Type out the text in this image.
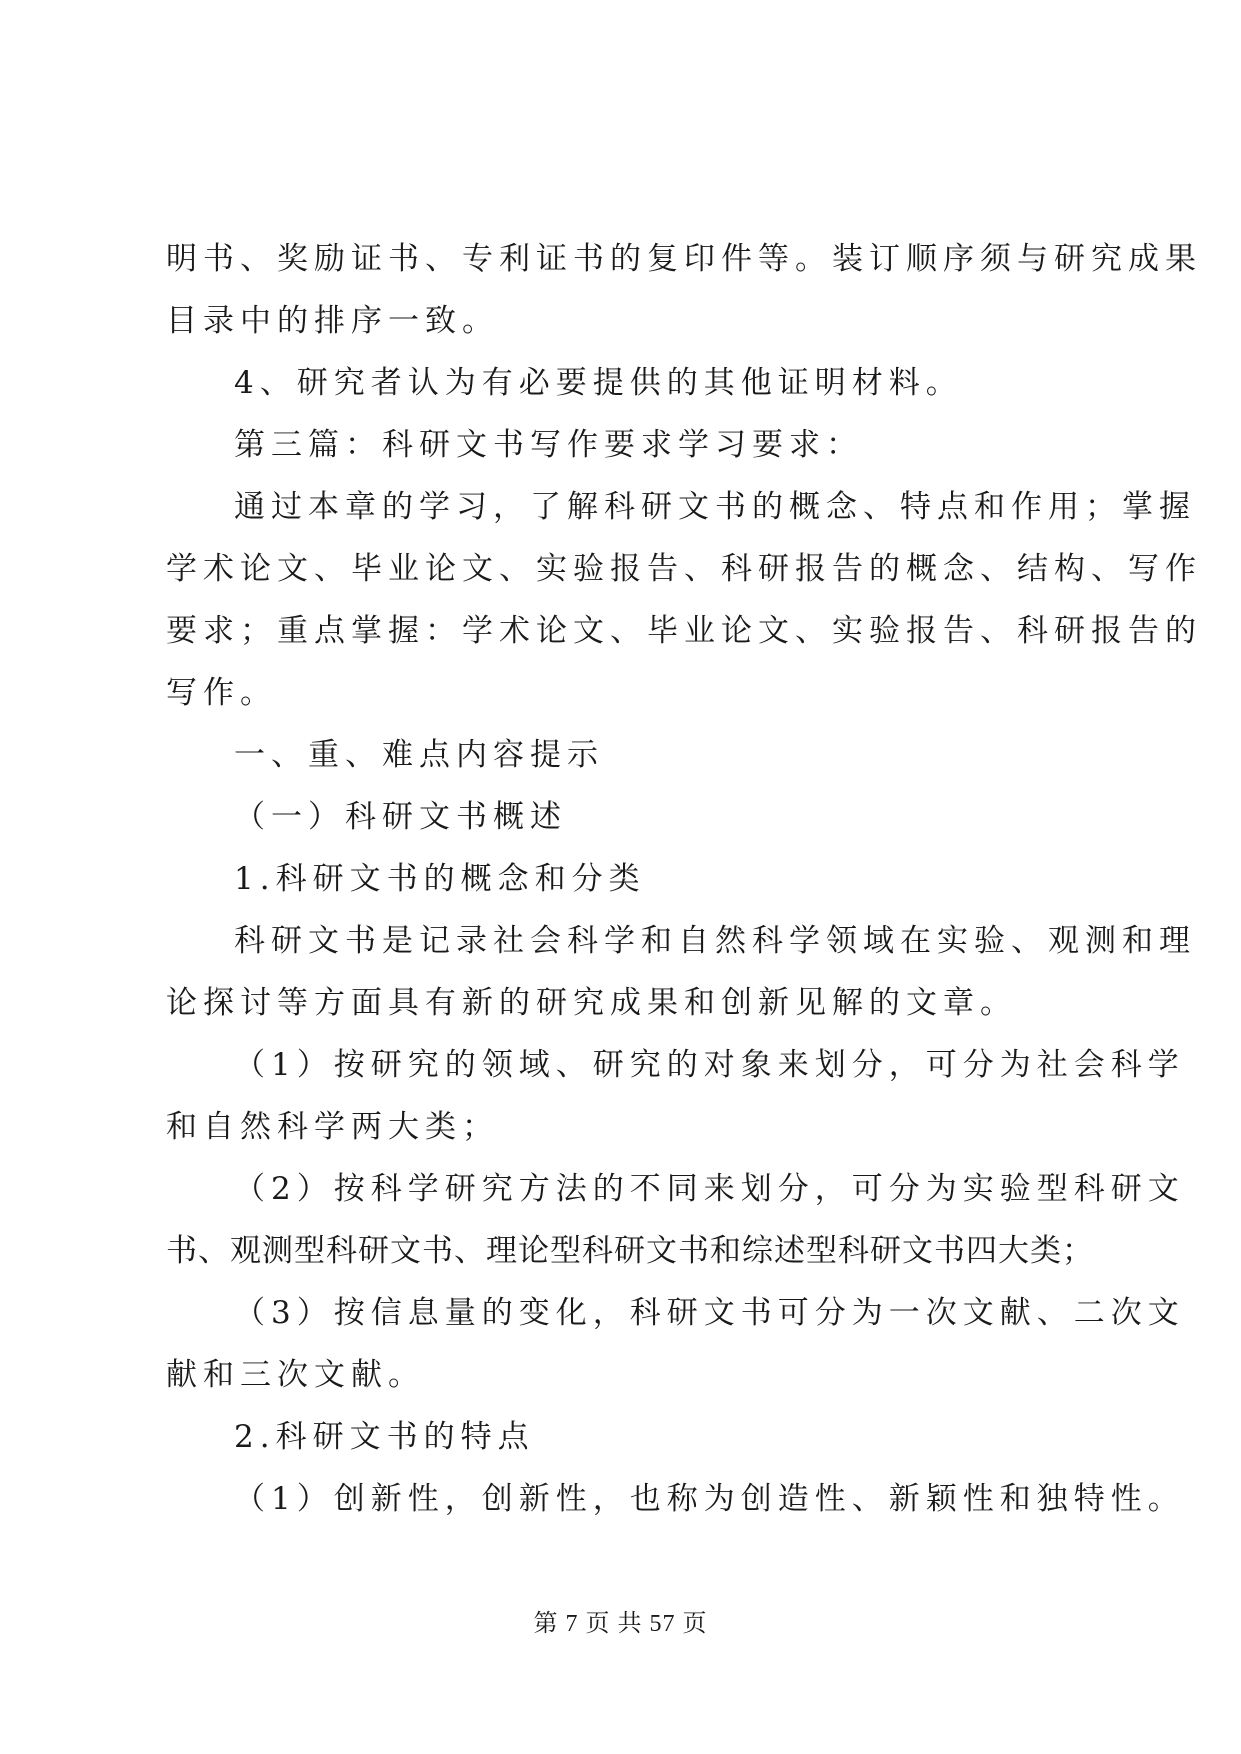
明书、奖励证书、专利证书的复印件等。装订顺序须与研究成果

目录中的排序一致。

4、研究者认为有必要提供的其他证明材料。

第三篇：科研文书写作要求学习要求：

通过本章的学习，了解科研文书的概念、特点和作用；掌握

学术论文、毕业论文、实验报告、科研报告的概念、结构、写作

要求；重点掌握：学术论文、毕业论文、实验报告、科研报告的

写作。

一、重、难点内容提示

（一）科研文书概述

1.科研文书的概念和分类

科研文书是记录社会科学和自然科学领域在实验、观测和理

论探讨等方面具有新的研究成果和创新见解的文章。

（1）按研究的领域、研究的对象来划分，可分为社会科学

和自然科学两大类；

（2）按科学研究方法的不同来划分，可分为实验型科研文

书、观测型科研文书、理论型科研文书和综述型科研文书四大类；

（3）按信息量的变化，科研文书可分为一次文献、二次文

献和三次文献。

2.科研文书的特点

（1）创新性，创新性，也称为创造性、新颖性和独特性。

第 7 页 共 57 页
